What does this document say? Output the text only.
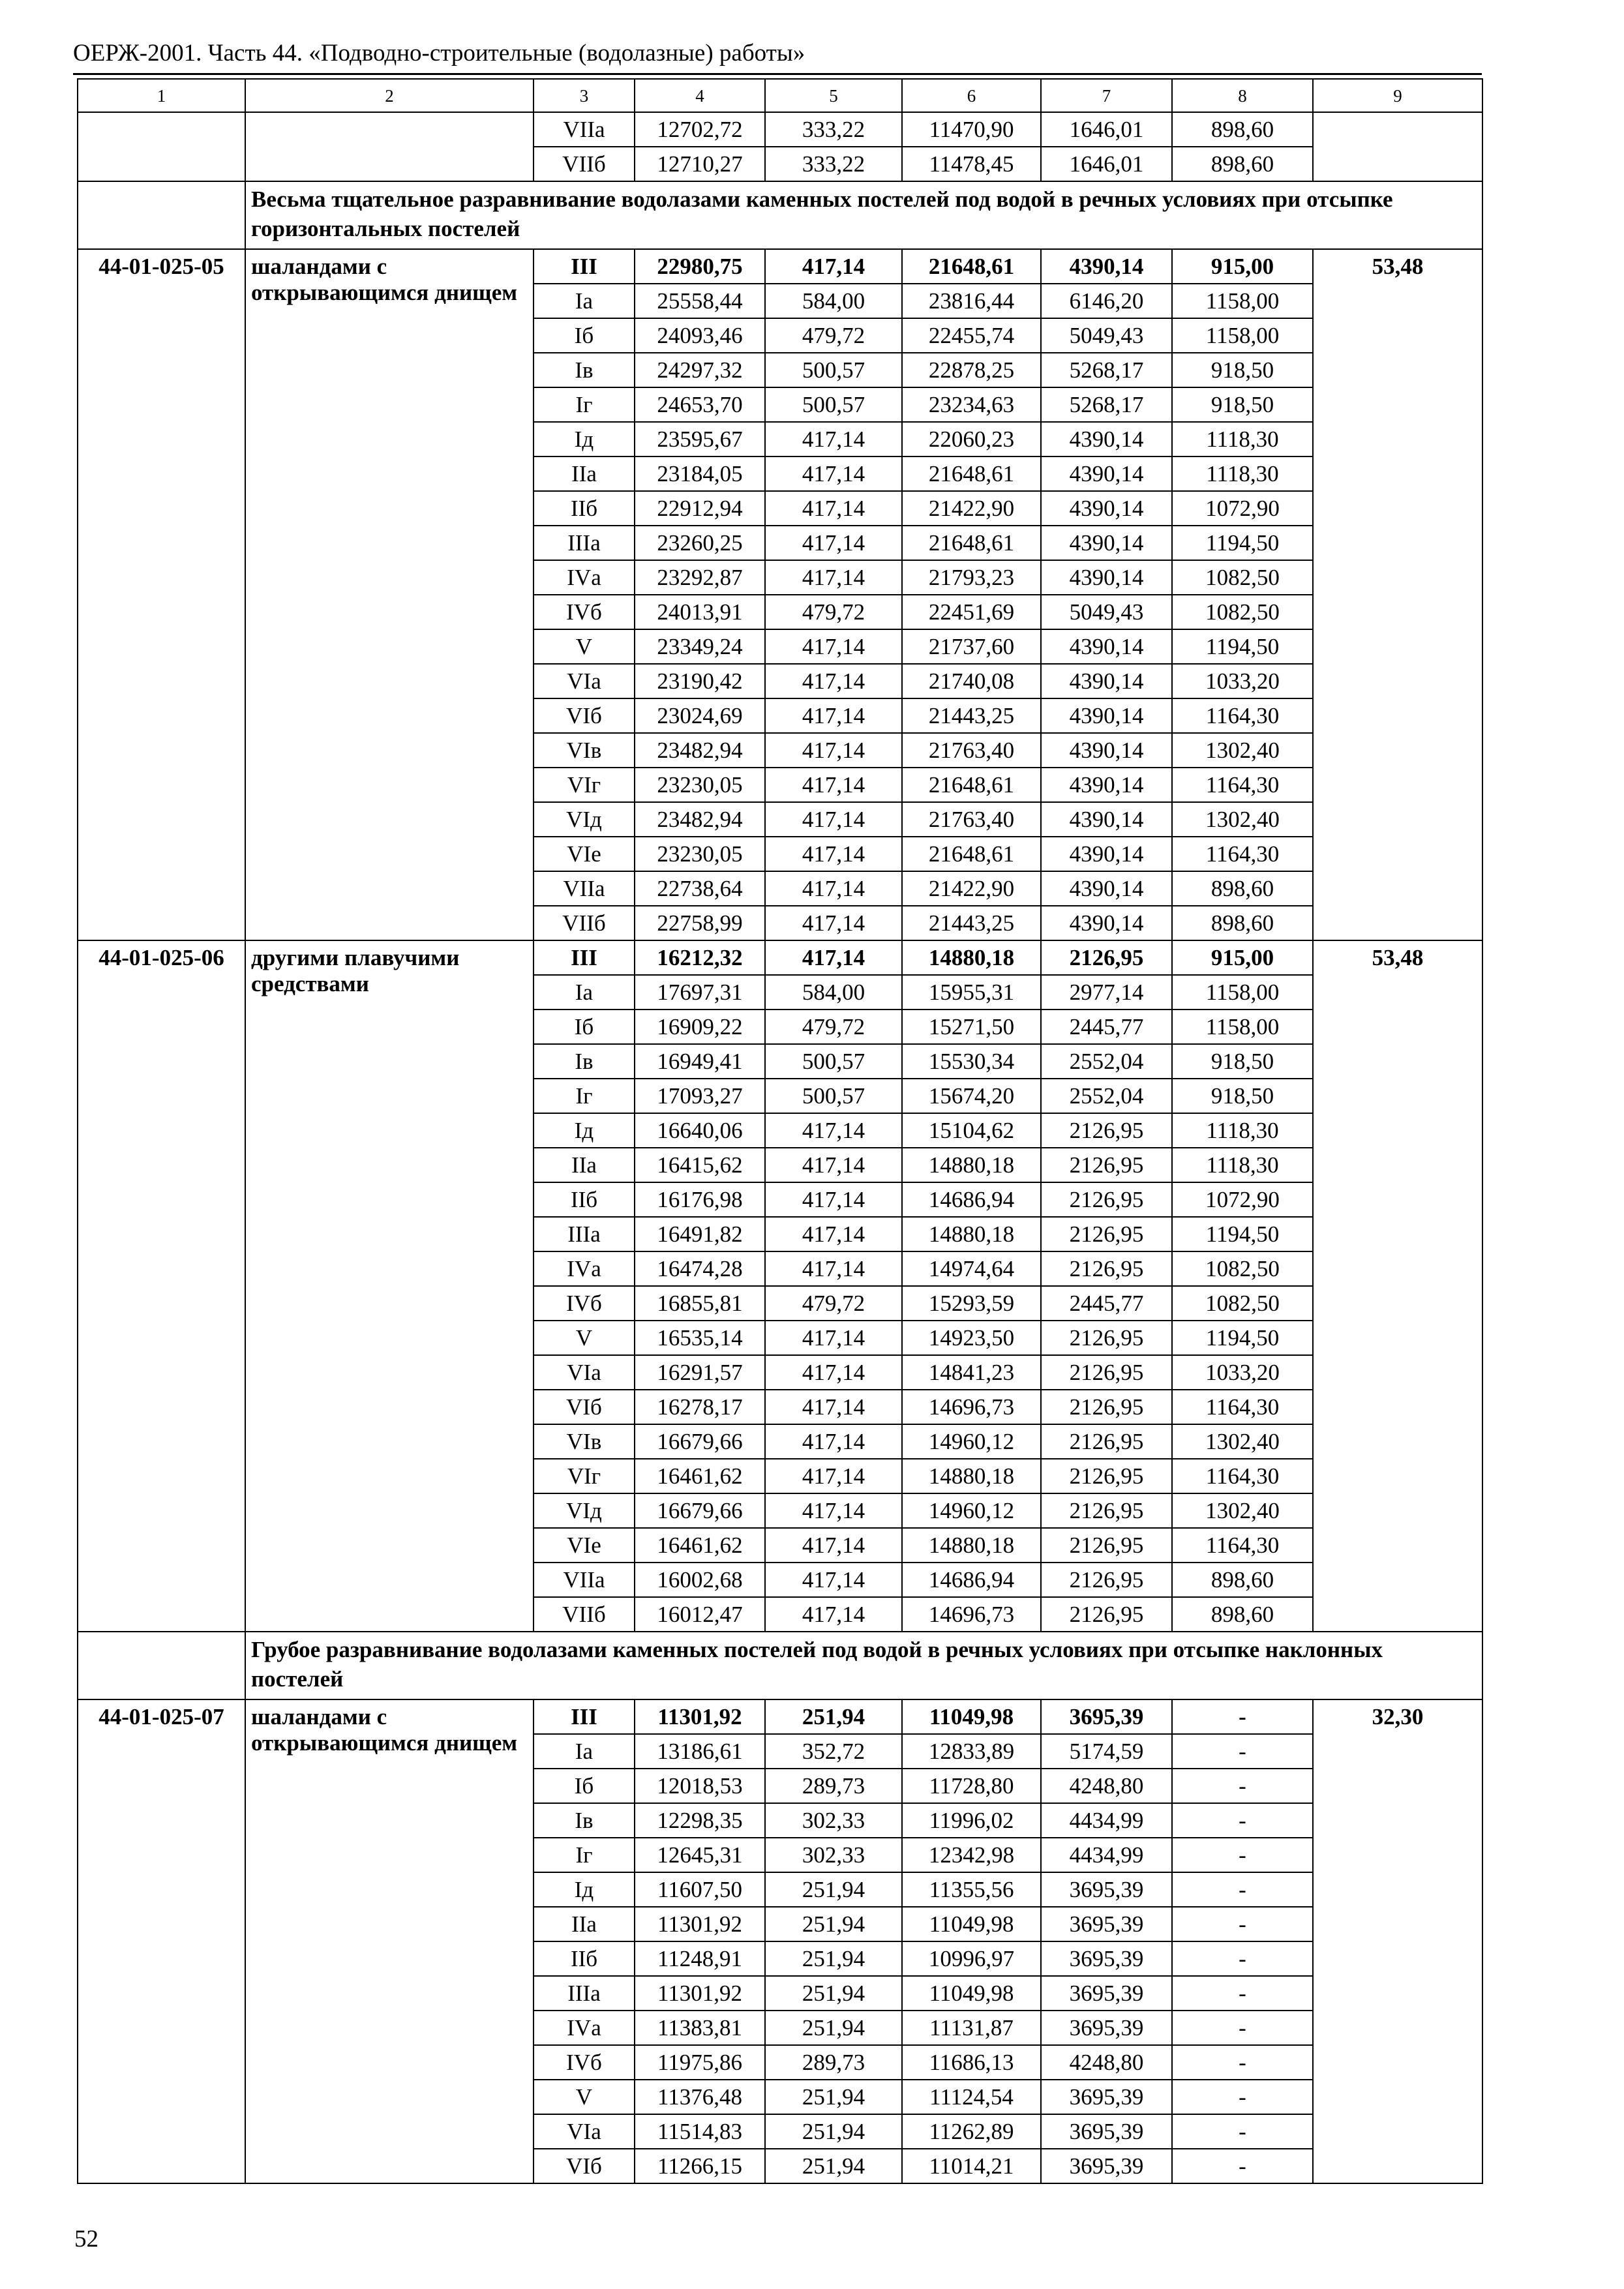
ОЕРЖ-2001. Часть 44. «Подводно-строительные (водолазные) работы»
1	2	3	4	5	6	7	8	9
		VIIа	12702,72	333,22	11470,90	1646,01	898,60	
		VIIб	12710,27	333,22	11478,45	1646,01	898,60	
	Весьма тщательное разравнивание водолазами каменных постелей под водой в речных условиях при отсыпке горизонтальных постелей							
44-01-025-05	шаландами с открывающимся днищем	III	22980,75	417,14	21648,61	4390,14	915,00	53,48
		Iа	25558,44	584,00	23816,44	6146,20	1158,00	
		Iб	24093,46	479,72	22455,74	5049,43	1158,00	
		Iв	24297,32	500,57	22878,25	5268,17	918,50	
		Iг	24653,70	500,57	23234,63	5268,17	918,50	
		Iд	23595,67	417,14	22060,23	4390,14	1118,30	
		IIа	23184,05	417,14	21648,61	4390,14	1118,30	
		IIб	22912,94	417,14	21422,90	4390,14	1072,90	
		IIIа	23260,25	417,14	21648,61	4390,14	1194,50	
		IVа	23292,87	417,14	21793,23	4390,14	1082,50	
		IVб	24013,91	479,72	22451,69	5049,43	1082,50	
		V	23349,24	417,14	21737,60	4390,14	1194,50	
		VIа	23190,42	417,14	21740,08	4390,14	1033,20	
		VIб	23024,69	417,14	21443,25	4390,14	1164,30	
		VIв	23482,94	417,14	21763,40	4390,14	1302,40	
		VIг	23230,05	417,14	21648,61	4390,14	1164,30	
		VIд	23482,94	417,14	21763,40	4390,14	1302,40	
		VIе	23230,05	417,14	21648,61	4390,14	1164,30	
		VIIа	22738,64	417,14	21422,90	4390,14	898,60	
		VIIб	22758,99	417,14	21443,25	4390,14	898,60	
44-01-025-06	другими плавучими средствами	III	16212,32	417,14	14880,18	2126,95	915,00	53,48
		Iа	17697,31	584,00	15955,31	2977,14	1158,00	
		Iб	16909,22	479,72	15271,50	2445,77	1158,00	
		Iв	16949,41	500,57	15530,34	2552,04	918,50	
		Iг	17093,27	500,57	15674,20	2552,04	918,50	
		Iд	16640,06	417,14	15104,62	2126,95	1118,30	
		IIа	16415,62	417,14	14880,18	2126,95	1118,30	
		IIб	16176,98	417,14	14686,94	2126,95	1072,90	
		IIIа	16491,82	417,14	14880,18	2126,95	1194,50	
		IVа	16474,28	417,14	14974,64	2126,95	1082,50	
		IVб	16855,81	479,72	15293,59	2445,77	1082,50	
		V	16535,14	417,14	14923,50	2126,95	1194,50	
		VIа	16291,57	417,14	14841,23	2126,95	1033,20	
		VIб	16278,17	417,14	14696,73	2126,95	1164,30	
		VIв	16679,66	417,14	14960,12	2126,95	1302,40	
		VIг	16461,62	417,14	14880,18	2126,95	1164,30	
		VIд	16679,66	417,14	14960,12	2126,95	1302,40	
		VIе	16461,62	417,14	14880,18	2126,95	1164,30	
		VIIа	16002,68	417,14	14686,94	2126,95	898,60	
		VIIб	16012,47	417,14	14696,73	2126,95	898,60	
	Грубое разравнивание водолазами каменных постелей под водой в речных условиях при отсыпке наклонных постелей							
44-01-025-07	шаландами с открывающимся днищем	III	11301,92	251,94	11049,98	3695,39	-	32,30
		Iа	13186,61	352,72	12833,89	5174,59	-	
		Iб	12018,53	289,73	11728,80	4248,80	-	
		Iв	12298,35	302,33	11996,02	4434,99	-	
		Iг	12645,31	302,33	12342,98	4434,99	-	
		Iд	11607,50	251,94	11355,56	3695,39	-	
		IIа	11301,92	251,94	11049,98	3695,39	-	
		IIб	11248,91	251,94	10996,97	3695,39	-	
		IIIа	11301,92	251,94	11049,98	3695,39	-	
		IVа	11383,81	251,94	11131,87	3695,39	-	
		IVб	11975,86	289,73	11686,13	4248,80	-	
		V	11376,48	251,94	11124,54	3695,39	-	
		VIа	11514,83	251,94	11262,89	3695,39	-	
		VIб	11266,15	251,94	11014,21	3695,39	-	
52
